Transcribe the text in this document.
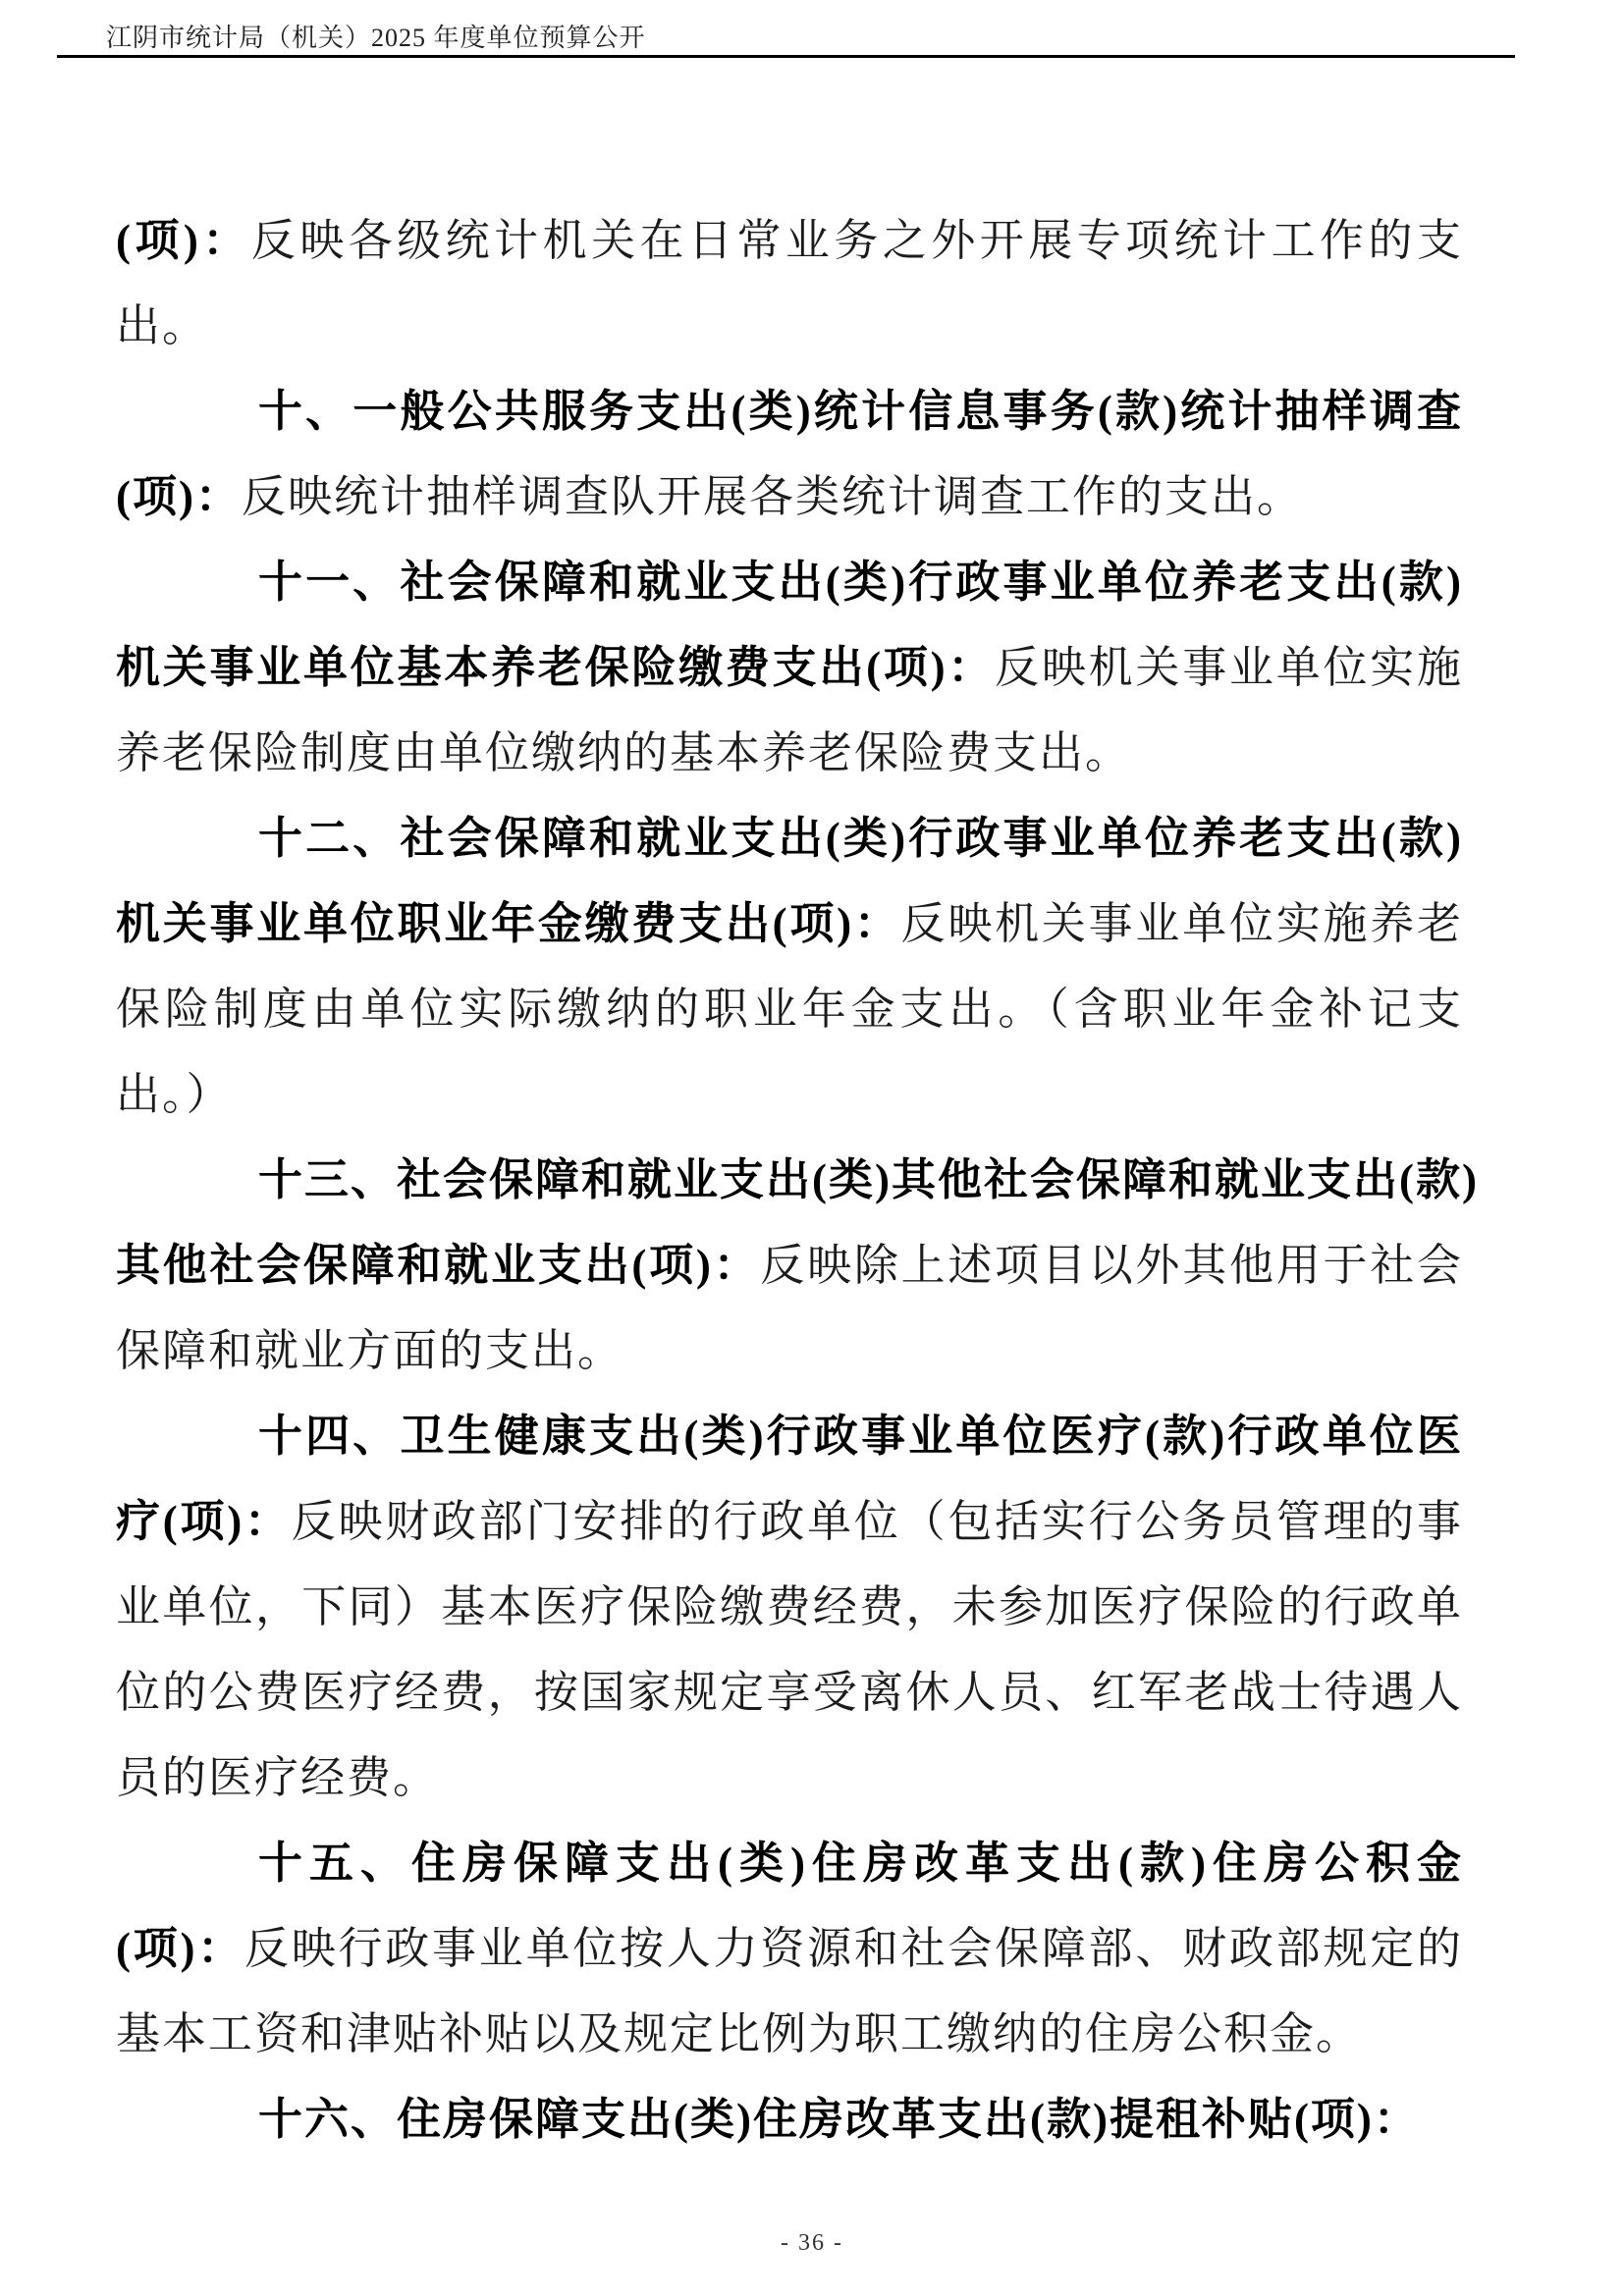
江阴市统计局（机关）2025 年度单位预算公开
(项)：反映各级统计机关在日常业务之外开展专项统计工作的支
出。
十、一般公共服务支出(类)统计信息事务(款)统计抽样调查
(项)：反映统计抽样调查队开展各类统计调查工作的支出。
十一、社会保障和就业支出(类)行政事业单位养老支出(款)
机关事业单位基本养老保险缴费支出(项)：反映机关事业单位实施
养老保险制度由单位缴纳的基本养老保险费支出。
十二、社会保障和就业支出(类)行政事业单位养老支出(款)
机关事业单位职业年金缴费支出(项)：反映机关事业单位实施养老
保险制度由单位实际缴纳的职业年金支出。（含职业年金补记支
出。）
十三、社会保障和就业支出(类)其他社会保障和就业支出(款)
其他社会保障和就业支出(项)：反映除上述项目以外其他用于社会
保障和就业方面的支出。
十四、卫生健康支出(类)行政事业单位医疗(款)行政单位医
疗(项)：反映财政部门安排的行政单位（包括实行公务员管理的事
业单位，下同）基本医疗保险缴费经费，未参加医疗保险的行政单
位的公费医疗经费，按国家规定享受离休人员、红军老战士待遇人
员的医疗经费。
十五、住房保障支出(类)住房改革支出(款)住房公积金
(项)：反映行政事业单位按人力资源和社会保障部、财政部规定的
基本工资和津贴补贴以及规定比例为职工缴纳的住房公积金。
十六、住房保障支出(类)住房改革支出(款)提租补贴(项)：
- 36 -
